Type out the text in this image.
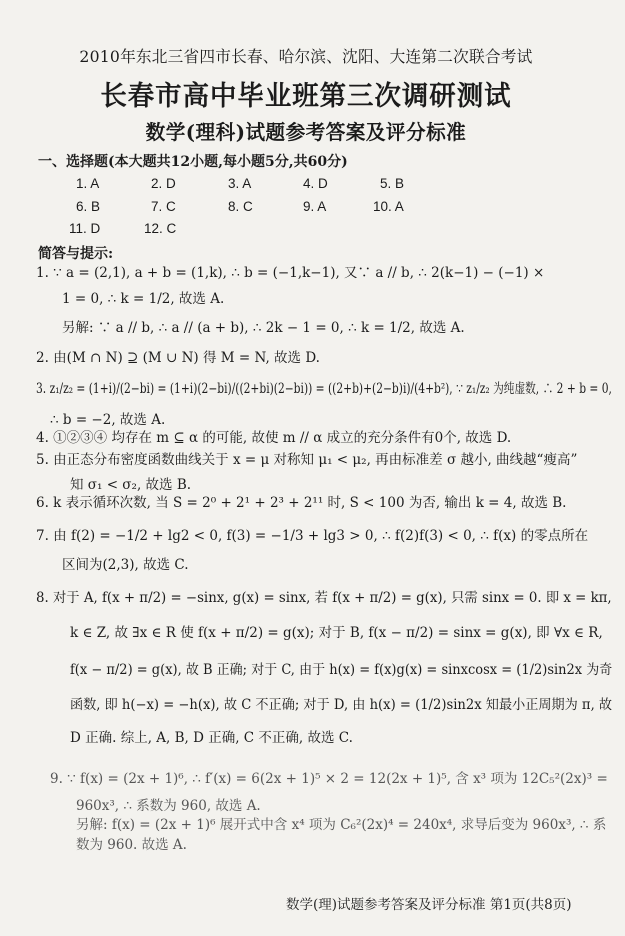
2010年东北三省四市长春、哈尔滨、沈阳、大连第二次联合考试
长春市高中毕业班第三次调研测试
数学(理科)试题参考答案及评分标准
一、选择题(本大题共12小题,每小题5分,共60分)
1. A	2. D	3. A	4. D	5. B
6. B	7. C	8. C	9. A	10. A
11. D	12. C
简答与提示:
1. ∵ a = (2,1), a + b = (1,k), ∴ b = (−1,k−1), 又∵ a // b, ∴ 2(k−1) − (−1) ×
1 = 0, ∴ k = 1/2, 故选 A.
另解: ∵ a // b, ∴ a // (a + b), ∴ 2k − 1 = 0, ∴ k = 1/2, 故选 A.
2. 由(M ∩ N) ⊇ (M ∪ N) 得 M = N, 故选 D.
3. z₁/z₂ = (1+i)/(2−bi) = (1+i)(2−bi)/((2+bi)(2−bi)) = ((2+b)+(2−b)i)/(4+b²), ∵ z₁/z₂ 为纯虚数, ∴ 2 + b = 0,
∴ b = −2, 故选 A.
4. ①②③④ 均存在 m ⊆ α 的可能, 故使 m // α 成立的充分条件有0个, 故选 D.
5. 由正态分布密度函数曲线关于 x = μ 对称知 μ₁ < μ₂, 再由标准差 σ 越小, 曲线越“瘦高”
知 σ₁ < σ₂, 故选 B.
6. k 表示循环次数, 当 S = 2⁰ + 2¹ + 2³ + 2¹¹ 时, S < 100 为否, 输出 k = 4, 故选 B.
7. 由 f(2) = −1/2 + lg2 < 0, f(3) = −1/3 + lg3 > 0, ∴ f(2)f(3) < 0, ∴ f(x) 的零点所在
区间为(2,3), 故选 C.
8. 对于 A, f(x + π/2) = −sinx, g(x) = sinx, 若 f(x + π/2) = g(x), 只需 sinx = 0. 即 x = kπ,
k ∈ Z, 故 ∃x ∈ R 使 f(x + π/2) = g(x); 对于 B, f(x − π/2) = sinx = g(x), 即 ∀x ∈ R,
f(x − π/2) = g(x), 故 B 正确; 对于 C, 由于 h(x) = f(x)g(x) = sinxcosx = (1/2)sin2x 为奇
函数, 即 h(−x) = −h(x), 故 C 不正确; 对于 D, 由 h(x) = (1/2)sin2x 知最小正周期为 π, 故
D 正确. 综上, A, B, D 正确, C 不正确, 故选 C.
9. ∵ f(x) = (2x + 1)⁶, ∴ f′(x) = 6(2x + 1)⁵ × 2 = 12(2x + 1)⁵, 含 x³ 项为 12C₅²(2x)³ =
960x³, ∴ 系数为 960, 故选 A.
另解: f(x) = (2x + 1)⁶ 展开式中含 x⁴ 项为 C₆²(2x)⁴ = 240x⁴, 求导后变为 960x³, ∴ 系
数为 960. 故选 A.
数学(理)试题参考答案及评分标准 第1页(共8页)
